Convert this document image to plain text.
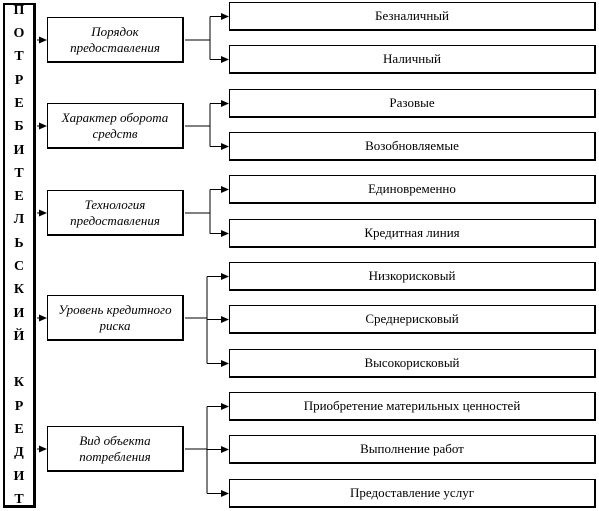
П
О
Т
Р
Е
Б
И
Т
Е
Л
Ь
С
К
И
Й

К
Р
Е
Д
И
Т
Порядок предоставления
Характер оборота средств
Технология предоставления
Уровень кредитного риска
Вид объекта потребления
Безналичный
Наличный
Разовые
Возобновляемые
Единовременно
Кредитная линия
Низкорисковый
Среднерисковый
Высокорисковый
Приобретение материльных ценностей
Выполнение работ
Предоставление услуг
